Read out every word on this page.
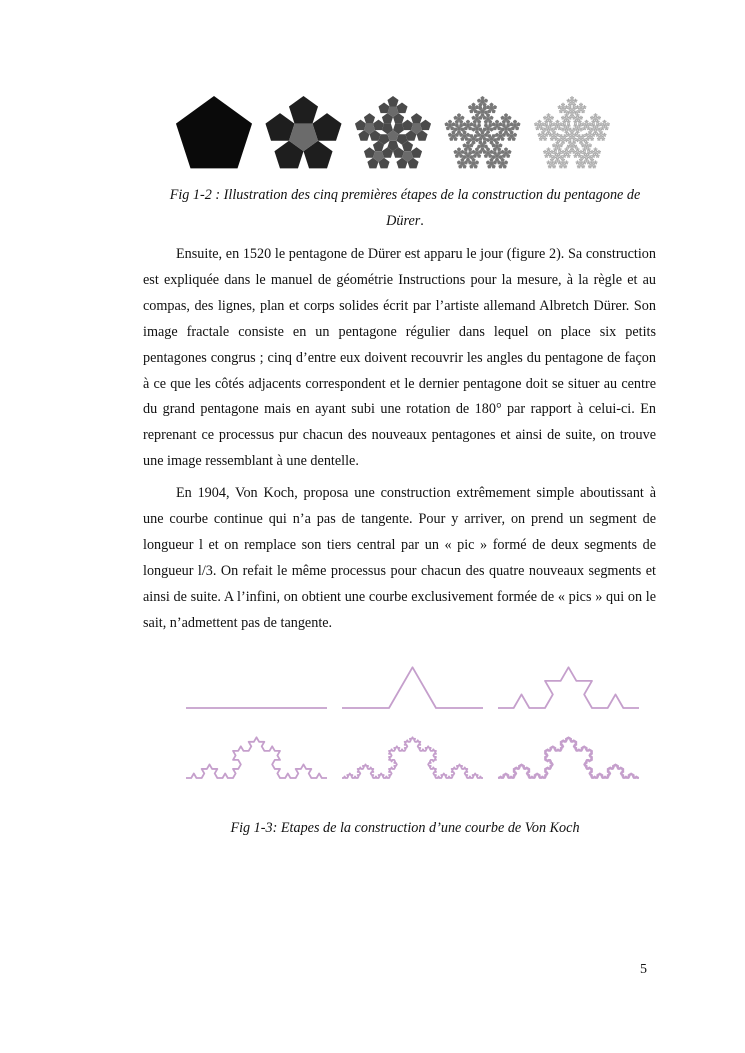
Fig 1-2 : Illustration des cinq premières étapes de la construction du pentagone de
Dürer.

Ensuite, en 1520 le pentagone de Dürer est apparu le jour (figure 2). Sa construction est expliquée dans le manuel de géométrie Instructions pour la mesure, à la règle et au compas, des lignes, plan et corps solides écrit par l’artiste allemand Albretch Dürer. Son image fractale consiste en un pentagone régulier dans lequel on place six petits pentagones congrus ; cinq d’entre eux doivent recouvrir les angles du pentagone de façon à ce que les côtés adjacents correspondent et le dernier pentagone doit se situer au centre du grand pentagone mais en ayant subi une rotation de 180° par rapport à celui-ci. En reprenant ce processus pur chacun des nouveaux pentagones et ainsi de suite, on trouve une image ressemblant à une dentelle.

En 1904, Von Koch, proposa une construction extrêmement simple aboutissant à une courbe continue qui n’a pas de tangente. Pour y arriver, on prend un segment de longueur l et on remplace son tiers central par un « pic » formé de deux segments de longueur l/3. On refait le même processus pour chacun des quatre nouveaux segments et ainsi de suite. A l’infini, on obtient une courbe exclusivement formée de « pics » qui on le sait, n’admettent pas de tangente.

Fig 1-3: Etapes de la construction d’une courbe de Von Koch
5
